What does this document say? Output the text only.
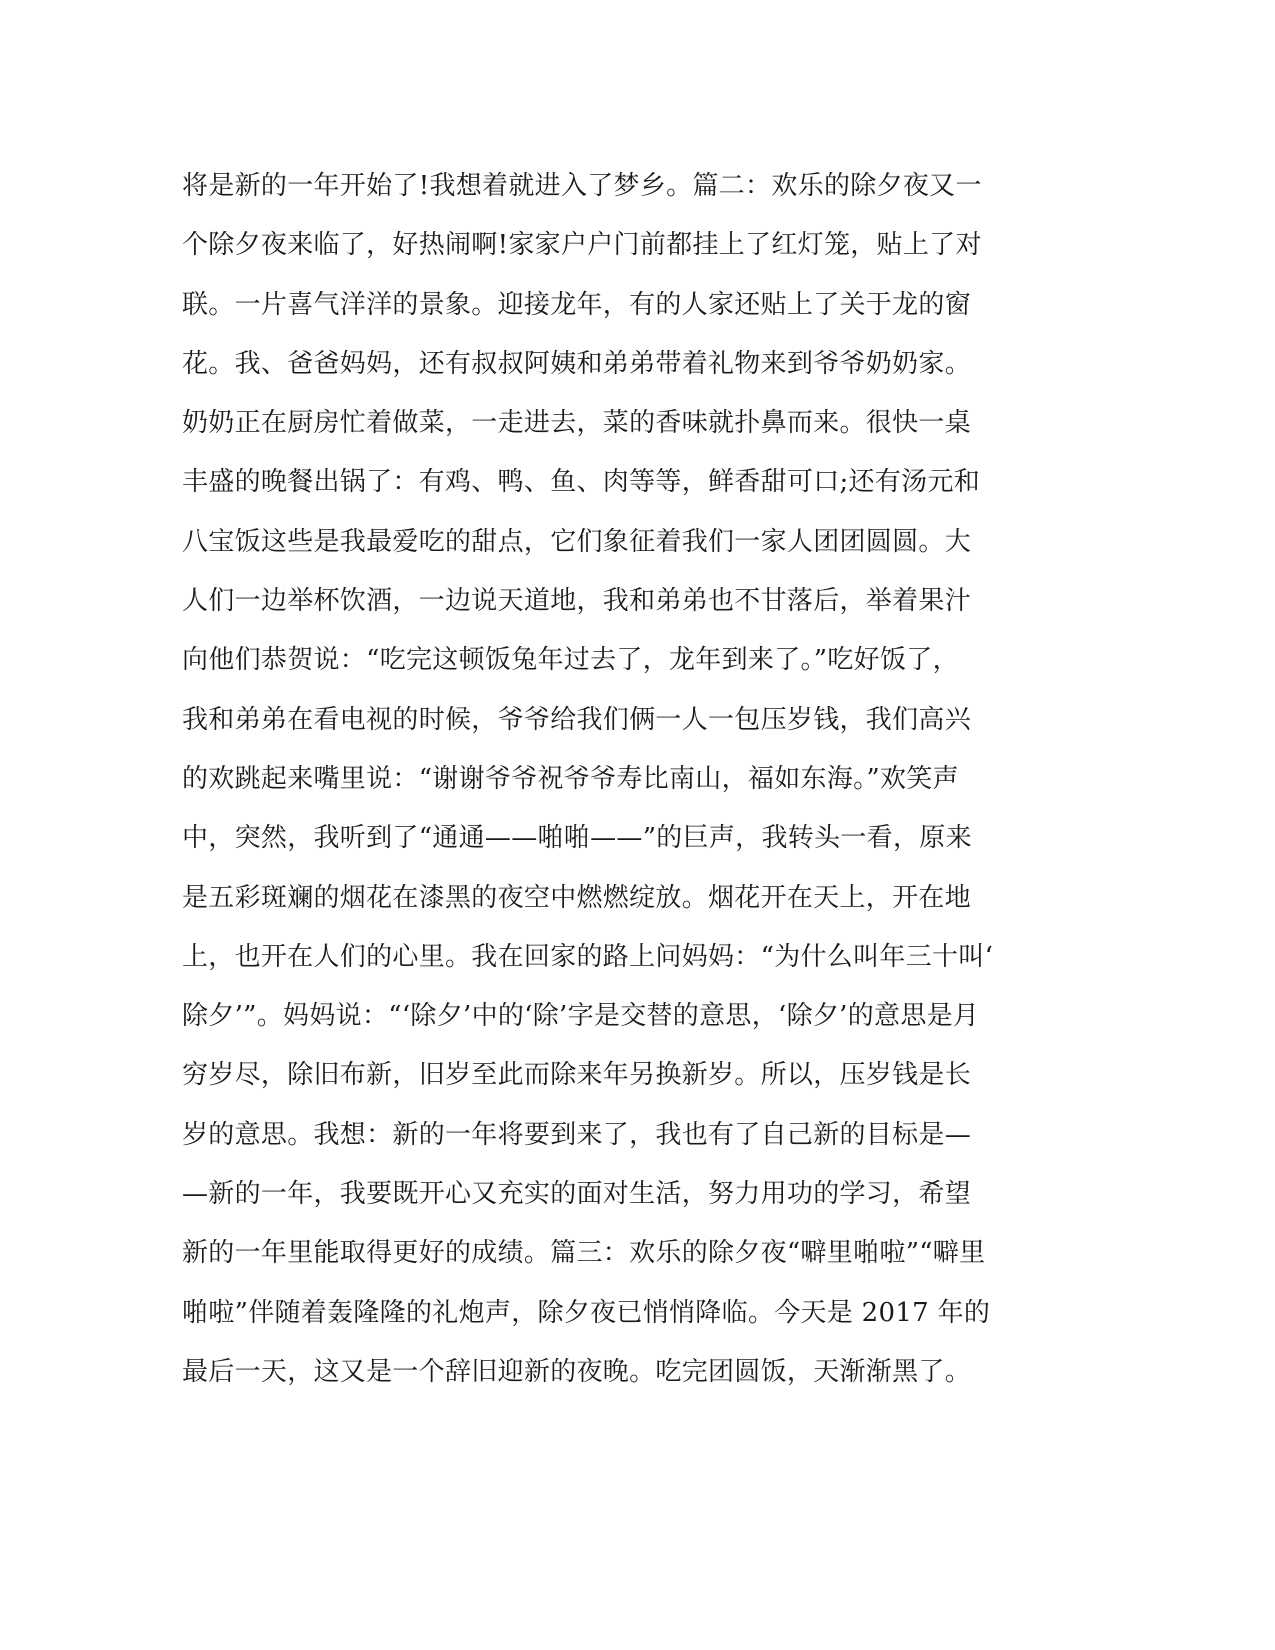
将是新的一年开始了!我想着就进入了梦乡。篇二：欢乐的除夕夜又一
个除夕夜来临了，好热闹啊!家家户户门前都挂上了红灯笼，贴上了对
联。一片喜气洋洋的景象。迎接龙年，有的人家还贴上了关于龙的窗
花。我、爸爸妈妈，还有叔叔阿姨和弟弟带着礼物来到爷爷奶奶家。
奶奶正在厨房忙着做菜，一走进去，菜的香味就扑鼻而来。很快一桌
丰盛的晚餐出锅了：有鸡、鸭、鱼、肉等等，鲜香甜可口;还有汤元和
八宝饭这些是我最爱吃的甜点，它们象征着我们一家人团团圆圆。大
人们一边举杯饮酒，一边说天道地，我和弟弟也不甘落后，举着果汁
向他们恭贺说：“吃完这顿饭兔年过去了，龙年到来了。”吃好饭了，
我和弟弟在看电视的时候，爷爷给我们俩一人一包压岁钱，我们高兴
的欢跳起来嘴里说：“谢谢爷爷祝爷爷寿比南山，福如东海。”欢笑声
中，突然，我听到了“通通——啪啪——”的巨声，我转头一看，原来
是五彩斑斓的烟花在漆黑的夜空中燃燃绽放。烟花开在天上，开在地
上，也开在人们的心里。我在回家的路上问妈妈：“为什么叫年三十叫‘
除夕’”。妈妈说：“‘除夕’中的‘除’字是交替的意思，‘除夕’的意思是月
穷岁尽，除旧布新，旧岁至此而除来年另换新岁。所以，压岁钱是长
岁的意思。我想：新的一年将要到来了，我也有了自己新的目标是—
—新的一年，我要既开心又充实的面对生活，努力用功的学习，希望
新的一年里能取得更好的成绩。篇三：欢乐的除夕夜“噼里啪啦”“噼里
啪啦”伴随着轰隆隆的礼炮声，除夕夜已悄悄降临。今天是 2017 年的
最后一天，这又是一个辞旧迎新的夜晚。吃完团圆饭，天渐渐黑了。
